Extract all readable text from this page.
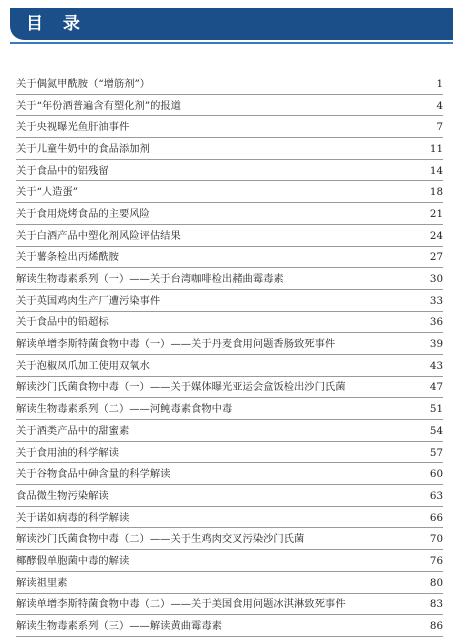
目 录
关于偶氮甲酰胺（“增筋剂”）	1
关于“年份酒普遍含有塑化剂”的报道	4
关于央视曝光鱼肝油事件	7
关于儿童牛奶中的食品添加剂	11
关于食品中的铝残留	14
关于“人造蛋”	18
关于食用烧烤食品的主要风险	21
关于白酒产品中塑化剂风险评估结果	24
关于薯条检出丙烯酰胺	27
解读生物毒素系列（一）——关于台湾咖啡检出赭曲霉毒素	30
关于英国鸡肉生产厂遭污染事件	33
关于食品中的铅超标	36
解读单增李斯特菌食物中毒（一）——关于丹麦食用问题香肠致死事件	39
关于泡椒凤爪加工使用双氧水	43
解读沙门氏菌食物中毒（一）——关于媒体曝光亚运会盒饭检出沙门氏菌	47
解读生物毒素系列（二）——河鲀毒素食物中毒	51
关于酒类产品中的甜蜜素	54
关于食用油的科学解读	57
关于谷物食品中砷含量的科学解读	60
食品微生物污染解读	63
关于诺如病毒的科学解读	66
解读沙门氏菌食物中毒（二）——关于生鸡肉交叉污染沙门氏菌	70
椰酵假单胞菌中毒的解读	76
解读祖里素	80
解读单增李斯特菌食物中毒（二）——关于美国食用问题冰淇淋致死事件	83
解读生物毒素系列（三）——解读黄曲霉毒素	86
